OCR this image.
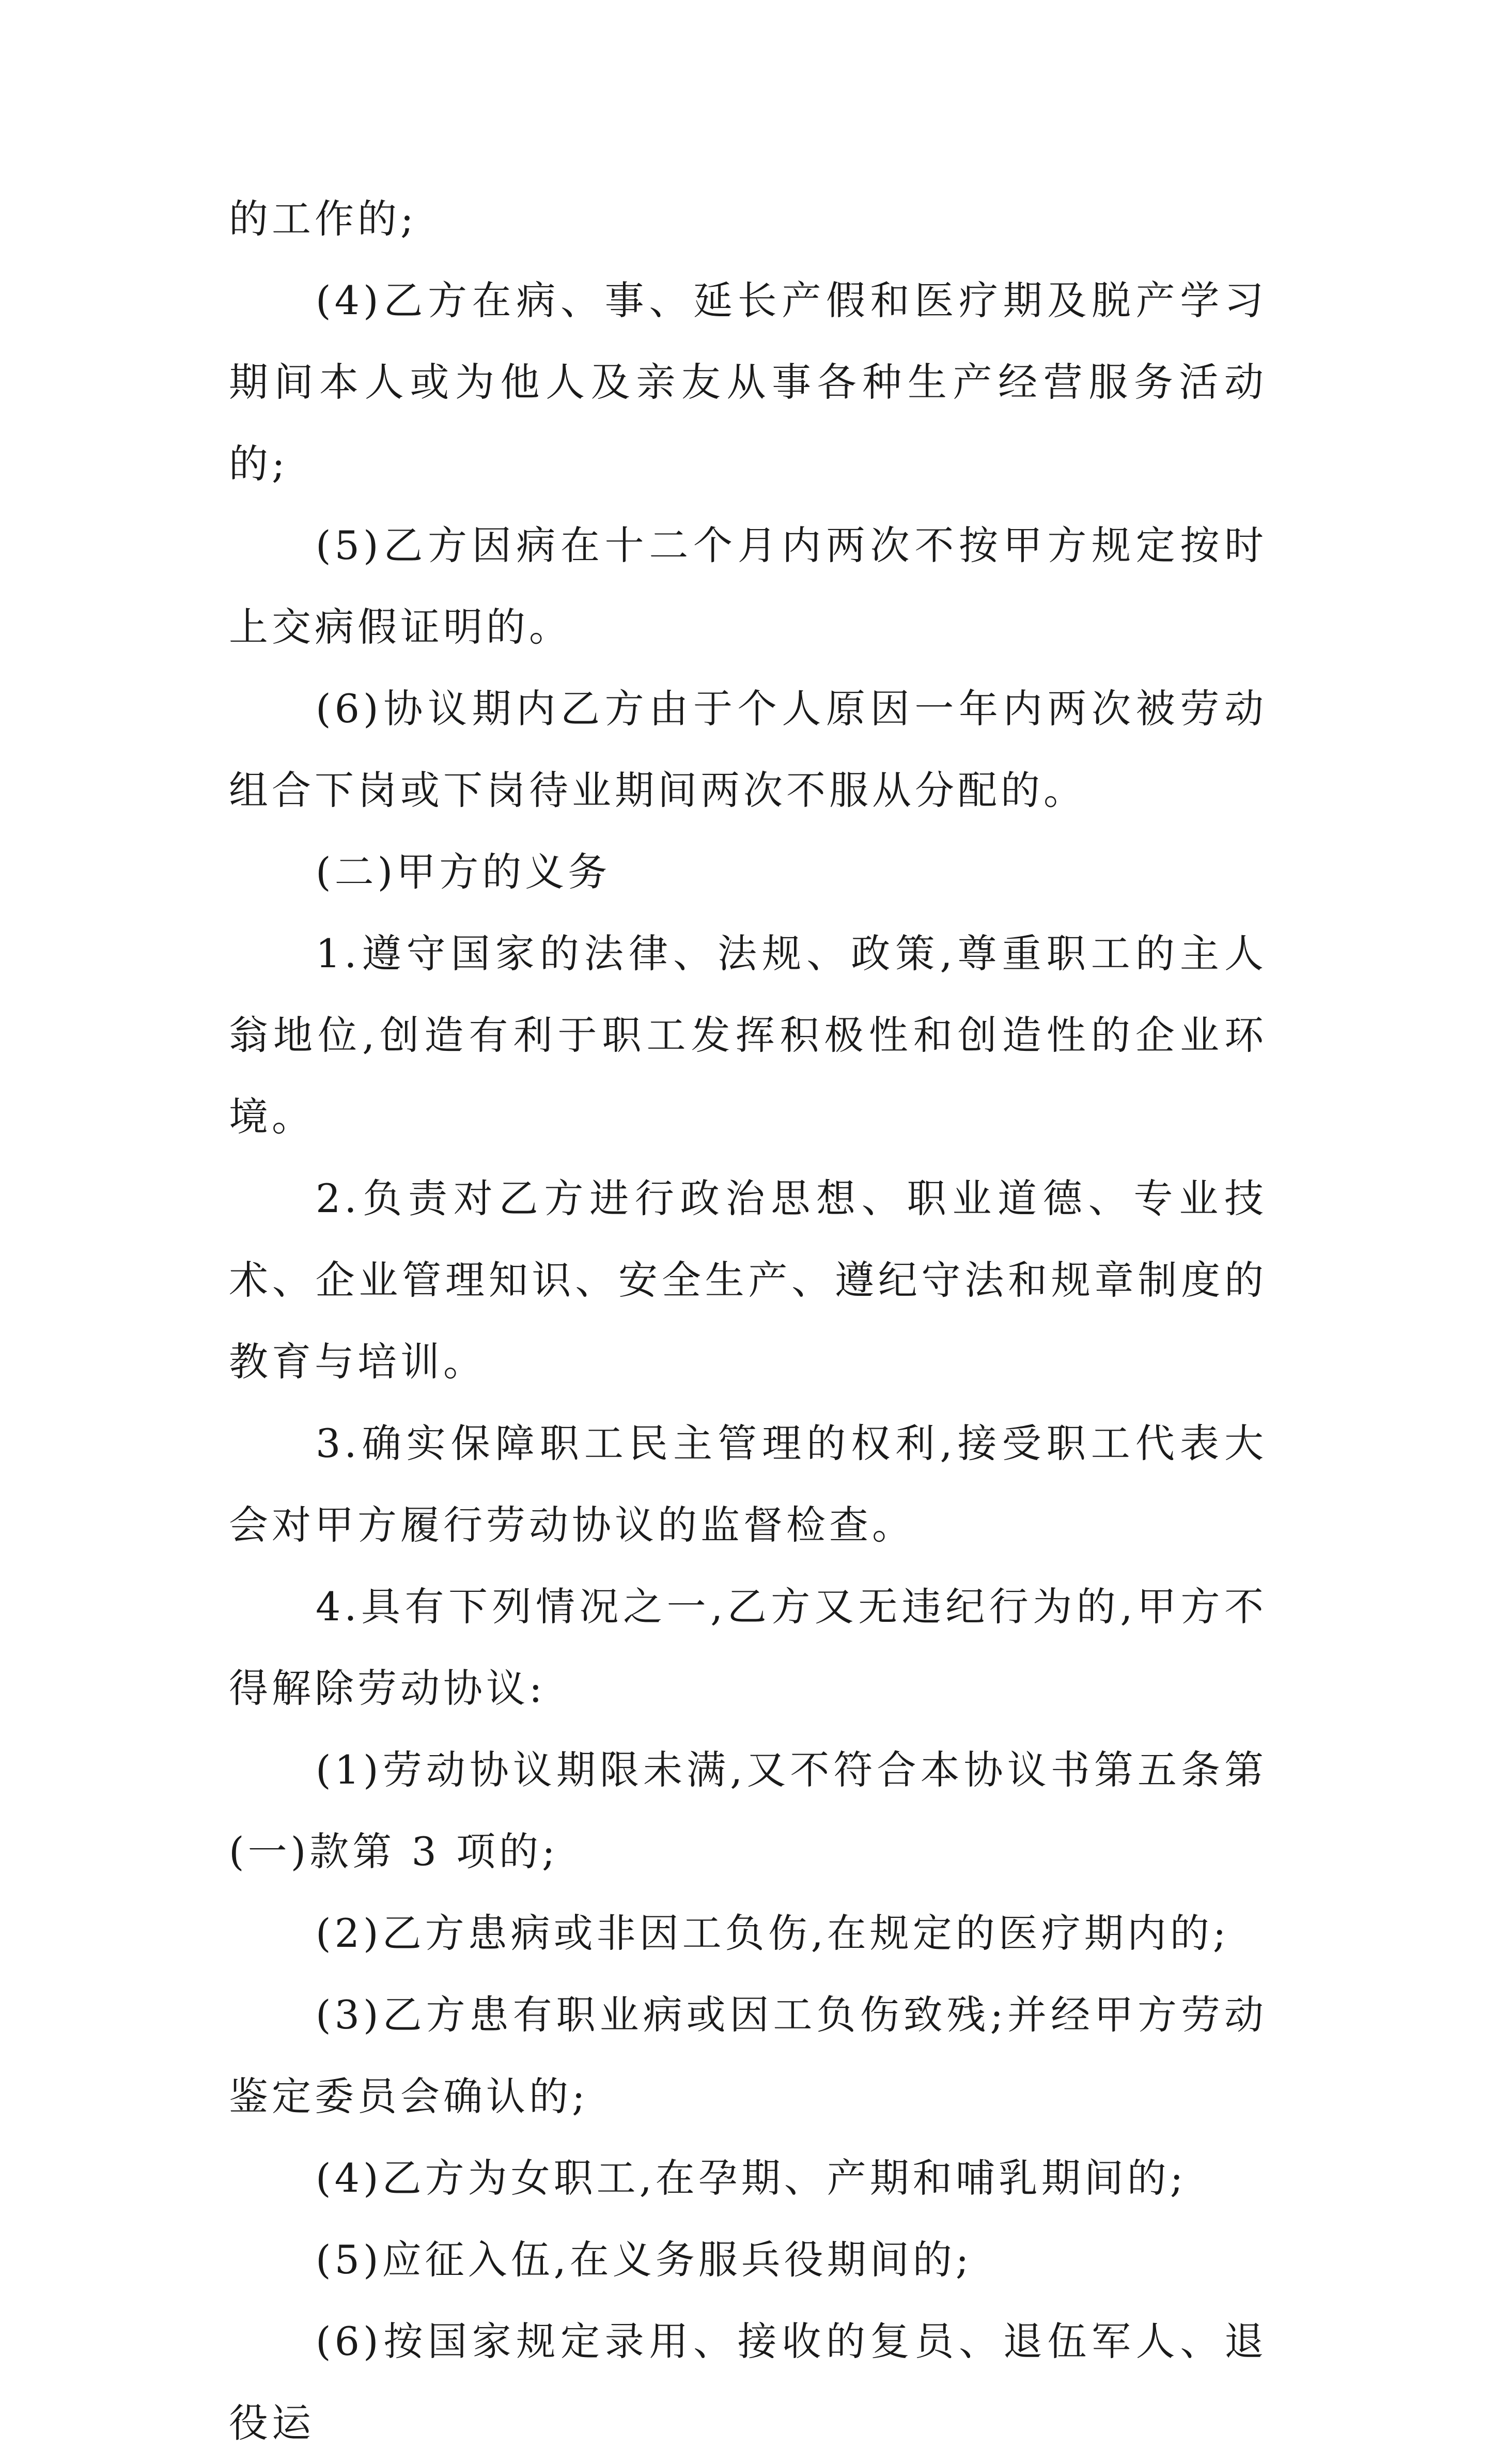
的工作的;

(4)乙方在病、事、延长产假和医疗期及脱产学习期间本人或为他人及亲友从事各种生产经营服务活动的;

(5)乙方因病在十二个月内两次不按甲方规定按时上交病假证明的。

(6)协议期内乙方由于个人原因一年内两次被劳动组合下岗或下岗待业期间两次不服从分配的。

(二)甲方的义务

1.遵守国家的法律、法规、政策,尊重职工的主人翁地位,创造有利于职工发挥积极性和创造性的企业环境。

2.负责对乙方进行政治思想、职业道德、专业技术、企业管理知识、安全生产、遵纪守法和规章制度的教育与培训。

3.确实保障职工民主管理的权利,接受职工代表大会对甲方履行劳动协议的监督检查。

4.具有下列情况之一,乙方又无违纪行为的,甲方不得解除劳动协议:

(1)劳动协议期限未满,又不符合本协议书第五条第(一)款第 3 项的;

(2)乙方患病或非因工负伤,在规定的医疗期内的;

(3)乙方患有职业病或因工负伤致残;并经甲方劳动鉴定委员会确认的;

(4)乙方为女职工,在孕期、产期和哺乳期间的;

(5)应征入伍,在义务服兵役期间的;

(6)按国家规定录用、接收的复员、退伍军人、退役运
